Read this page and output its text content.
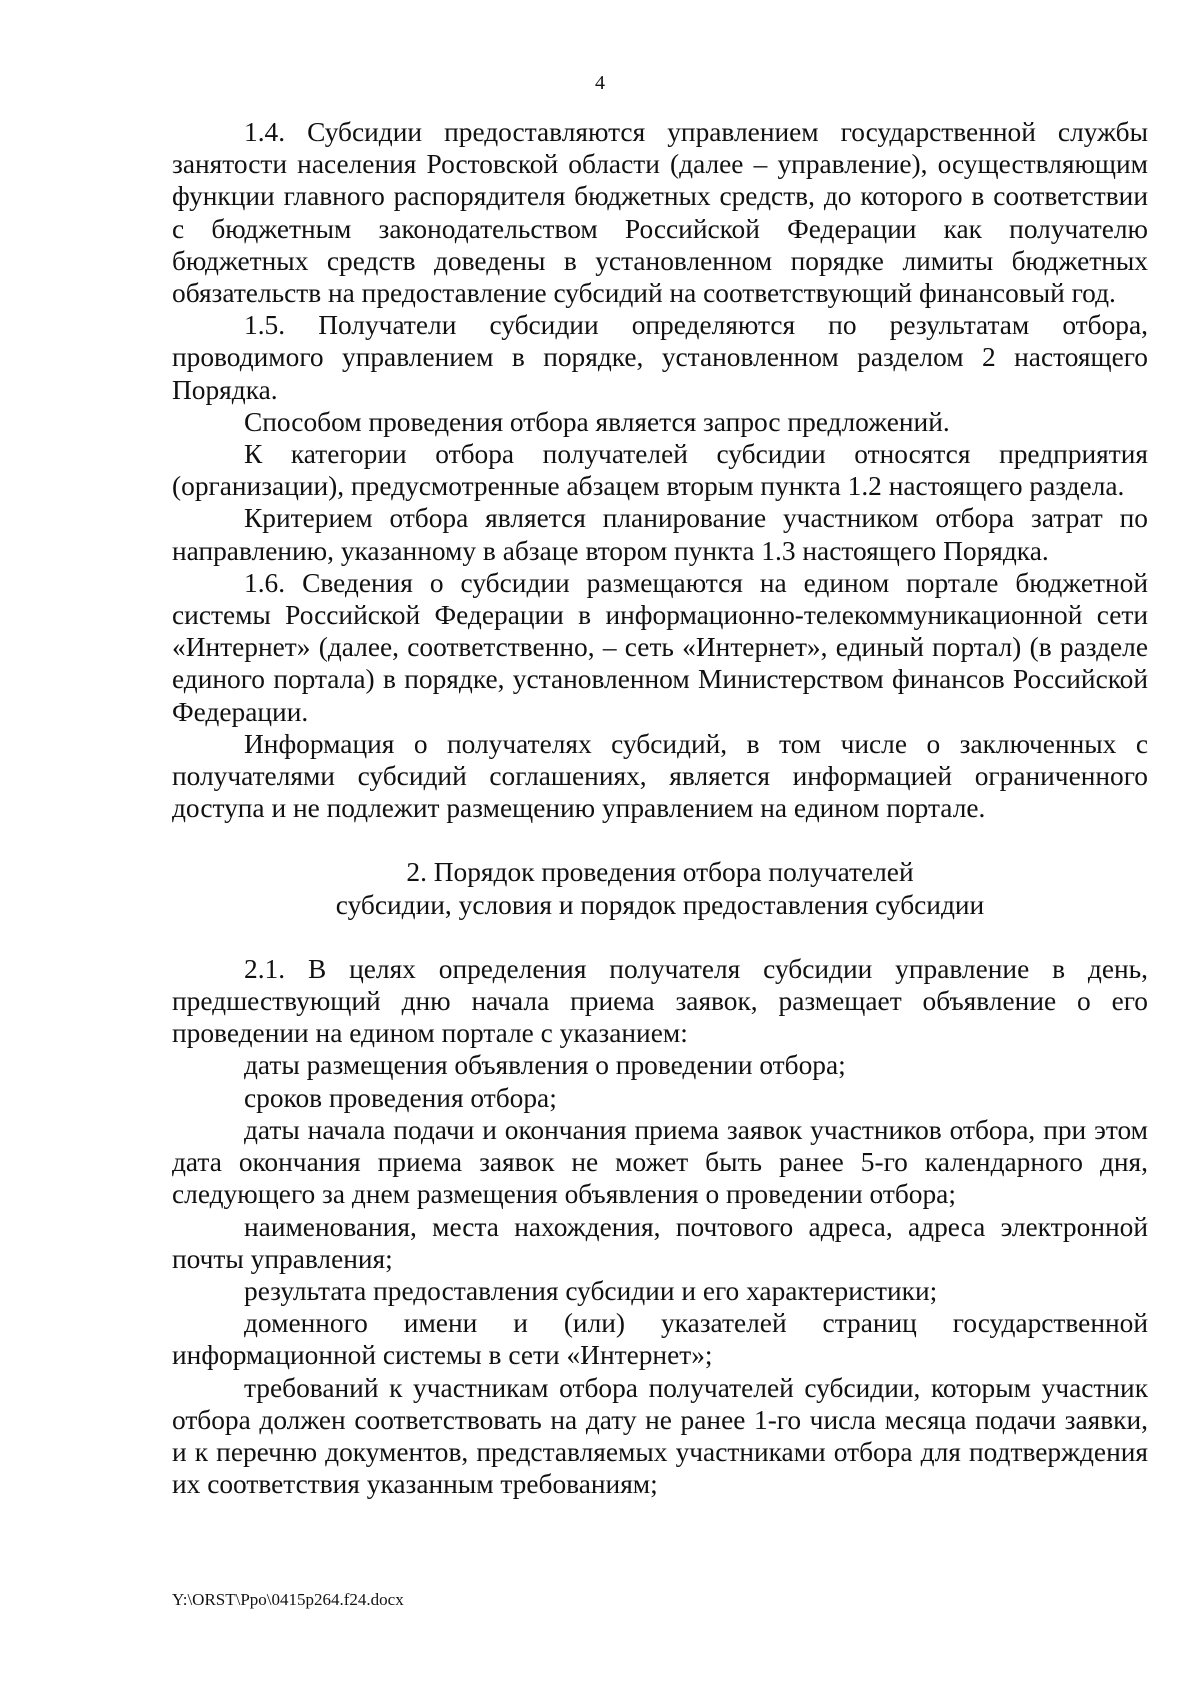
4

1.4. Субсидии предоставляются управлением государственной службы занятости населения Ростовской области (далее – управление), осуществляющим функции главного распорядителя бюджетных средств, до которого в соответствии с бюджетным законодательством Российской Федерации как получателю бюджетных средств доведены в установленном порядке лимиты бюджетных обязательств на предоставление субсидий на соответствующий финансовый год.

1.5. Получатели субсидии определяются по результатам отбора, проводимого управлением в порядке, установленном разделом 2 настоящего Порядка.

Способом проведения отбора является запрос предложений.

К категории отбора получателей субсидии относятся предприятия (организации), предусмотренные абзацем вторым пункта 1.2 настоящего раздела.

Критерием отбора является планирование участником отбора затрат по направлению, указанному в абзаце втором пункта 1.3 настоящего Порядка.

1.6. Сведения о субсидии размещаются на едином портале бюджетной системы Российской Федерации в информационно-телекоммуникационной сети «Интернет» (далее, соответственно, – сеть «Интернет», единый портал) (в разделе единого портала) в порядке, установленном Министерством финансов Российской Федерации.

Информация о получателях субсидий, в том числе о заключенных с получателями субсидий соглашениях, является информацией ограниченного доступа и не подлежит размещению управлением на едином портале.

2. Порядок проведения отбора получателей
субсидии, условия и порядок предоставления субсидии

2.1. В целях определения получателя субсидии управление в день, предшествующий дню начала приема заявок, размещает объявление о его проведении на едином портале с указанием:

даты размещения объявления о проведении отбора;

сроков проведения отбора;

даты начала подачи и окончания приема заявок участников отбора, при этом дата окончания приема заявок не может быть ранее 5-го календарного дня, следующего за днем размещения объявления о проведении отбора;

наименования, места нахождения, почтового адреса, адреса электронной почты управления;

результата предоставления субсидии и его характеристики;

доменного имени и (или) указателей страниц государственной информационной системы в сети «Интернет»;

требований к участникам отбора получателей субсидии, которым участник отбора должен соответствовать на дату не ранее 1-го числа месяца подачи заявки, и к перечню документов, представляемых участниками отбора для подтверждения их соответствия указанным требованиям;

Y:\ORST\Ppo\0415p264.f24.docx
